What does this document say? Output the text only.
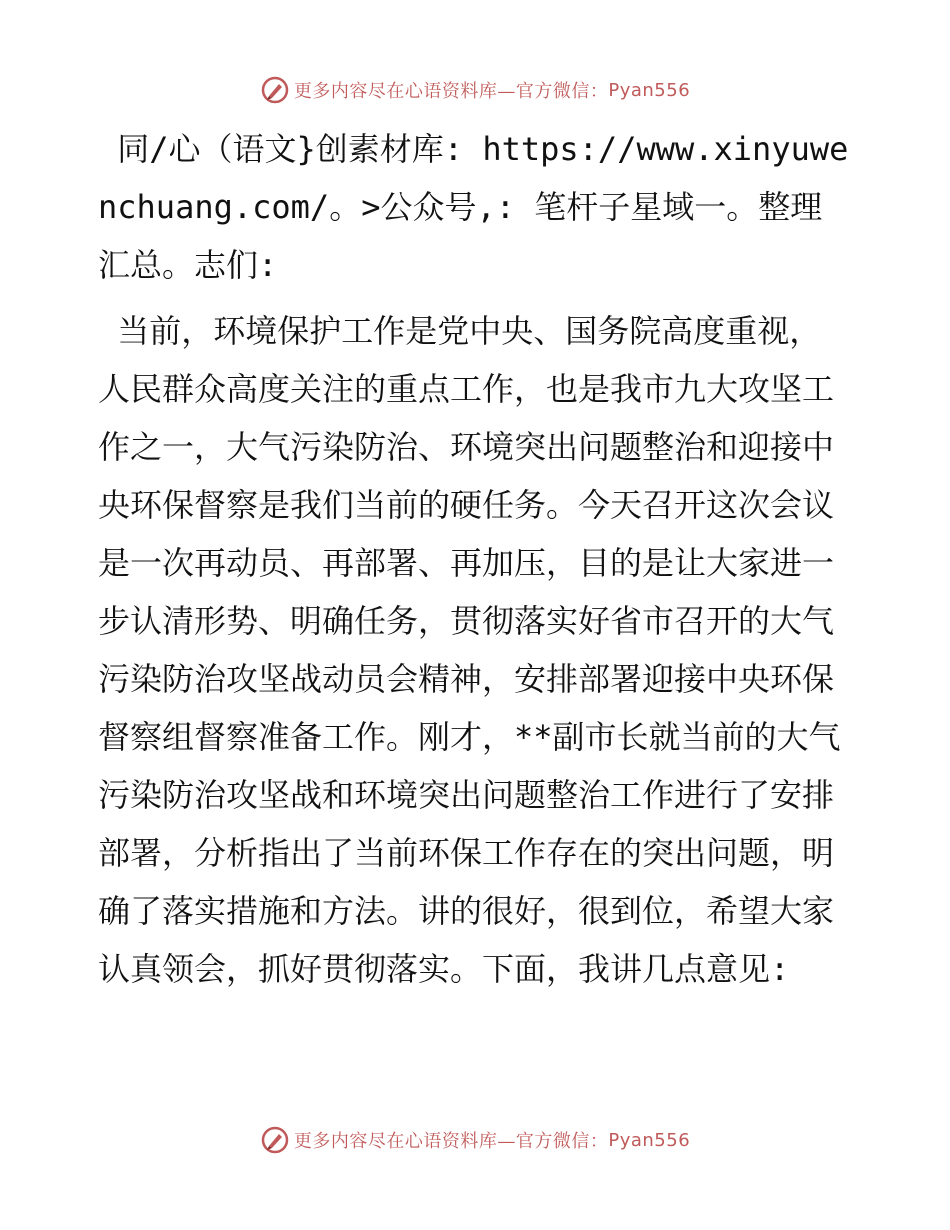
更多内容尽在心语资料库—官方微信： Pyan556

同/心（语文}创素材库: https://www.xinyuwenchuang.com/。>公众号,: 笔杆子星域一。整理汇总。志们:

当前，环境保护工作是党中央、国务院高度重视，人民群众高度关注的重点工作，也是我市九大攻坚工作之一，大气污染防治、环境突出问题整治和迎接中央环保督察是我们当前的硬任务。今天召开这次会议是一次再动员、再部署、再加压，目的是让大家进一步认清形势、明确任务，贯彻落实好省市召开的大气污染防治攻坚战动员会精神，安排部署迎接中央环保督察组督察准备工作。刚才，**副市长就当前的大气污染防治攻坚战和环境突出问题整治工作进行了安排部署，分析指出了当前环保工作存在的突出问题，明确了落实措施和方法。讲的很好，很到位，希望大家认真领会，抓好贯彻落实。下面，我讲几点意见:

更多内容尽在心语资料库—官方微信： Pyan556
